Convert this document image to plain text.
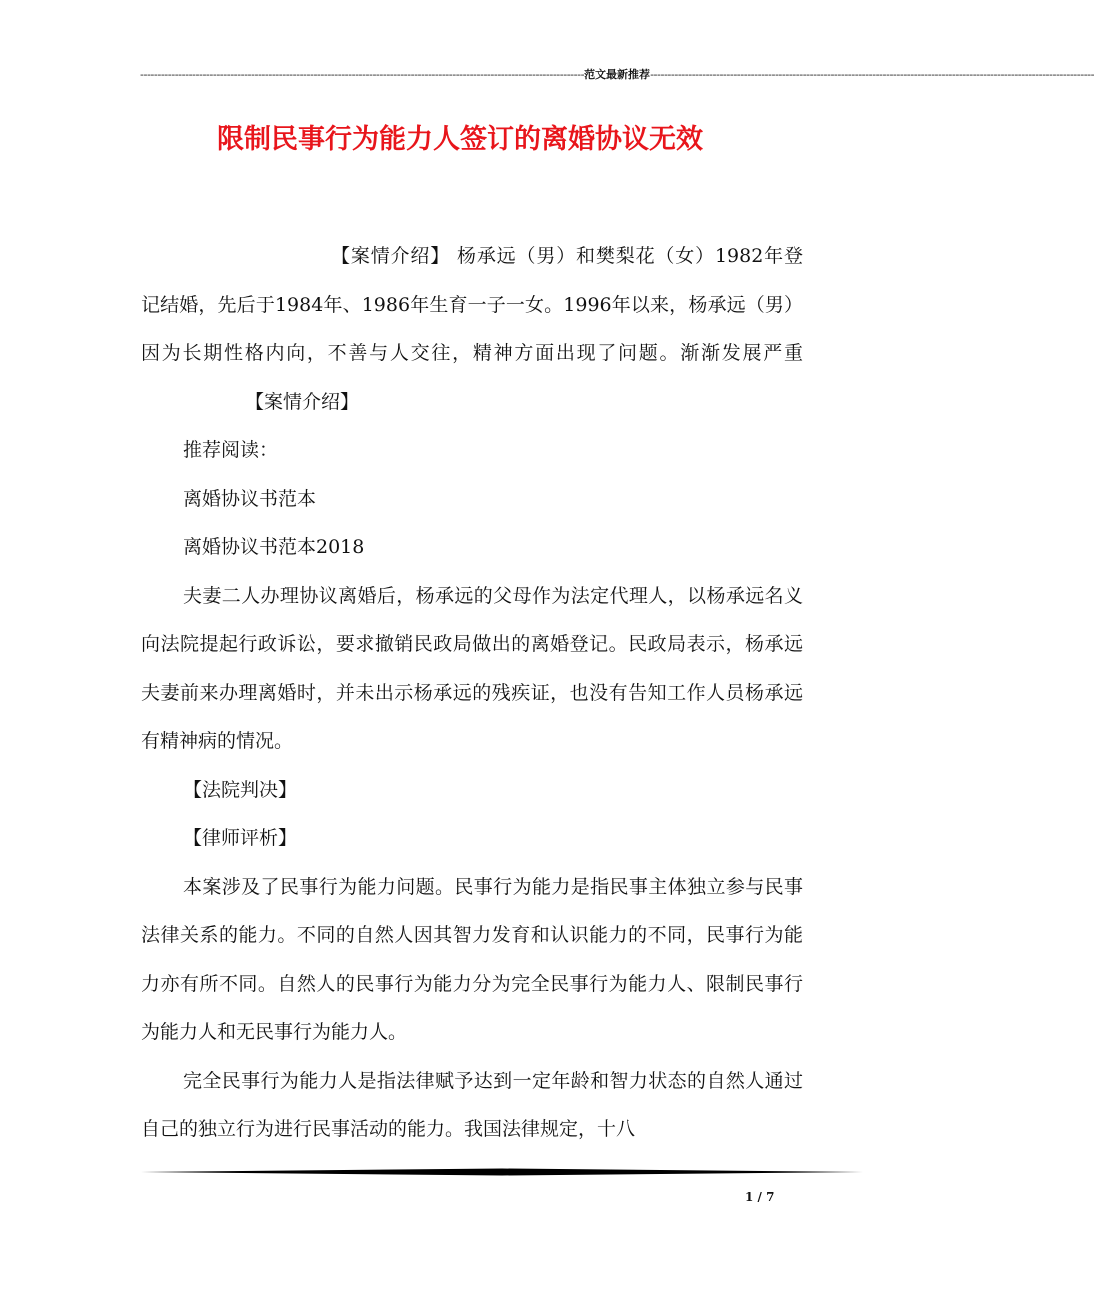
-------------------------------------------------------------------------------------------------------------------------------- 范文最新推荐 --------------------------------------------------------------------------------------------------------------------------------
限制民事行为能力人签订的离婚协议无效

【案情介绍】 杨承远（男）和樊梨花（女）1982年登记结婚，先后于1984年、1986年生育一子一女。1996年以来，杨承远（男）因为长期性格内向，不善与人交往，精神方面出现了问题。渐渐发展严重【案情介绍】

推荐阅读：

离婚协议书范本

离婚协议书范本2018

夫妻二人办理协议离婚后，杨承远的父母作为法定代理人，以杨承远名义向法院提起行政诉讼，要求撤销民政局做出的离婚登记。民政局表示，杨承远夫妻前来办理离婚时，并未出示杨承远的残疾证，也没有告知工作人员杨承远有精神病的情况。

【法院判决】

【律师评析】

本案涉及了民事行为能力问题。民事行为能力是指民事主体独立参与民事法律关系的能力。不同的自然人因其智力发育和认识能力的不同，民事行为能力亦有所不同。自然人的民事行为能力分为完全民事行为能力人、限制民事行为能力人和无民事行为能力人。

完全民事行为能力人是指法律赋予达到一定年龄和智力状态的自然人通过自己的独立行为进行民事活动的能力。我国法律规定，十八

1 / 7
